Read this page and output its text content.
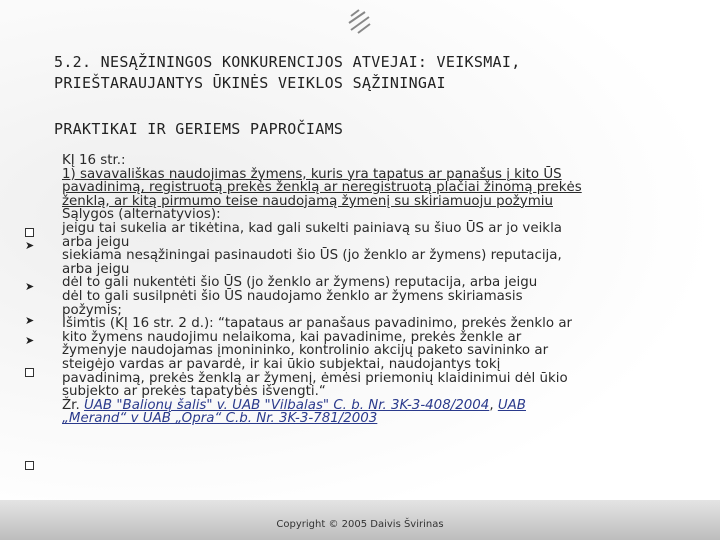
5.2. NESĄŽININGOS KONKURENCIJOS ATVEJAI: VEIKSMAI,
PRIEŠTARAUJANTYS ŪKINĖS VEIKLOS SĄŽININGAI
PRAKTIKAI IR GERIEMS PAPROČIAMS
➤
➤
➤
➤
KĮ 16 str.:
1) savavališkas naudojimas žymens, kuris yra tapatus ar panašus į kito ŪS
pavadinimą, registruotą prekės ženklą ar neregistruotą plačiai žinomą prekės
ženklą, ar kitą pirmumo teise naudojamą žymenį su skiriamuoju požymiu
Sąlygos (alternatyvios):
jeigu tai sukelia ar tikėtina, kad gali sukelti painiavą su šiuo ŪS ar jo veikla
arba jeigu
siekiama nesąžiningai pasinaudoti šio ŪS (jo ženklo ar žymens) reputacija,
arba jeigu
dėl to gali nukentėti šio ŪS (jo ženklo ar žymens) reputacija, arba jeigu
dėl to gali susilpnėti šio ŪS naudojamo ženklo ar žymens skiriamasis
požymis;
Išimtis (KĮ 16 str. 2 d.): “tapataus ar panašaus pavadinimo, prekės ženklo ar
kito žymens naudojimu nelaikoma, kai pavadinime, prekės ženkle ar
žymenyje naudojamas įmonininko, kontrolinio akcijų paketo savininko ar
steigėjo vardas ar pavardė, ir kai ūkio subjektai, naudojantys tokį
pavadinimą, prekės ženklą ar žymenį, ėmėsi priemonių klaidinimui dėl ūkio
subjekto ar prekės tapatybės išvengti.“
Žr. UAB "Balionų šalis" v. UAB "Vilbalas" C. b. Nr. 3K-3-408/2004, UAB
„Merand“ v UAB „Opra“ C.b. Nr. 3K-3-781/2003
Copyright © 2005 Daivis Švirinas
